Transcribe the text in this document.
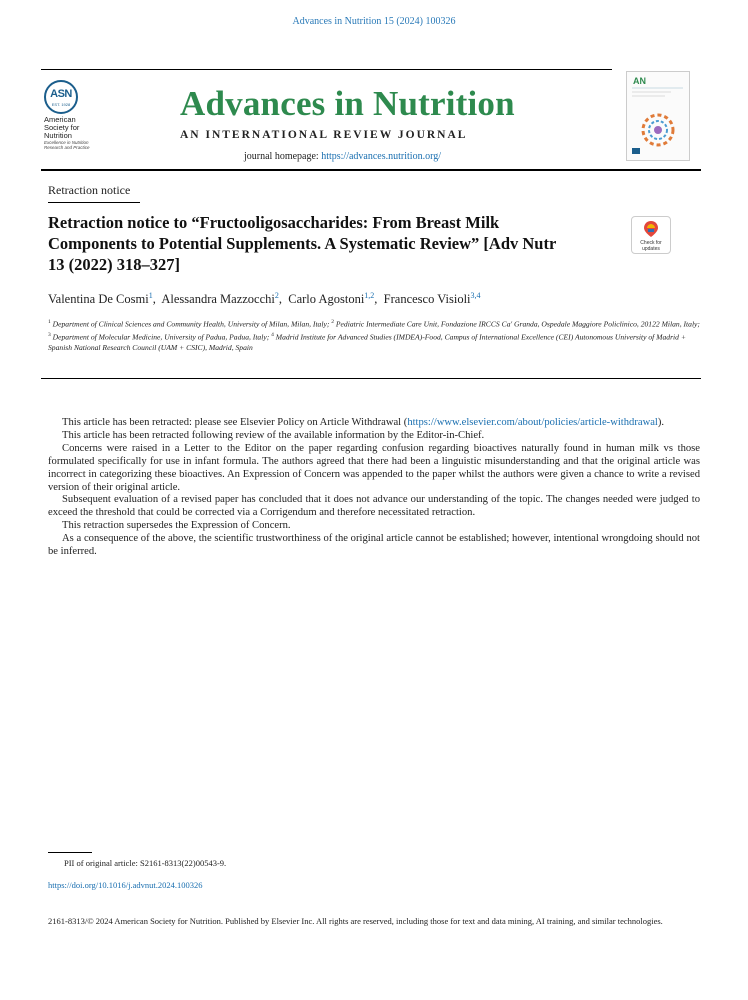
Advances in Nutrition 15 (2024) 100326
ASN
EST. 1928
American Society for Nutrition
Excellence in Nutrition Research and Practice
Advances in Nutrition
AN INTERNATIONAL REVIEW JOURNAL
journal homepage: https://advances.nutrition.org/
AN
Retraction notice
Retraction notice to “Fructooligosaccharides: From Breast Milk Components to Potential Supplements. A Systematic Review” [Adv Nutr 13 (2022) 318–327]
Check for updates
Valentina De Cosmi$^1$,  Alessandra Mazzocchi$^2$,  Carlo Agostoni$^{1,2}$,  Francesco Visioli$^{3,4}$
$^1$ Department of Clinical Sciences and Community Health, University of Milan, Milan, Italy; $^2$ Pediatric Intermediate Care Unit, Fondazione IRCCS Ca' Granda, Ospedale Maggiore Policlinico, 20122 Milan, Italy; $^3$ Department of Molecular Medicine, University of Padua, Padua, Italy; $^4$ Madrid Institute for Advanced Studies (IMDEA)-Food, Campus of International Excellence (CEI) Autonomous University of Madrid + Spanish National Research Council (UAM + CSIC), Madrid, Spain

This article has been retracted: please see Elsevier Policy on Article Withdrawal (https://www.elsevier.com/about/policies/article-withdrawal).

This article has been retracted following review of the available information by the Editor-in-Chief.

Concerns were raised in a Letter to the Editor on the paper regarding confusion regarding bioactives naturally found in human milk vs those formulated specifically for use in infant formula. The authors agreed that there had been a linguistic misunderstanding and that the original article was incorrect in categorizing these bioactives. An Expression of Concern was appended to the paper whilst the authors were given a chance to write a revised version of their original article.

Subsequent evaluation of a revised paper has concluded that it does not advance our understanding of the topic. The changes needed were judged to exceed the threshold that could be corrected via a Corrigendum and therefore necessitated retraction.

This retraction supersedes the Expression of Concern.

As a consequence of the above, the scientific trustworthiness of the original article cannot be established; however, intentional wrongdoing should not be inferred.

PII of original article: S2161-8313(22)00543-9.
https://doi.org/10.1016/j.advnut.2024.100326
2161-8313/© 2024 American Society for Nutrition. Published by Elsevier Inc. All rights are reserved, including those for text and data mining, AI training, and similar technologies.
